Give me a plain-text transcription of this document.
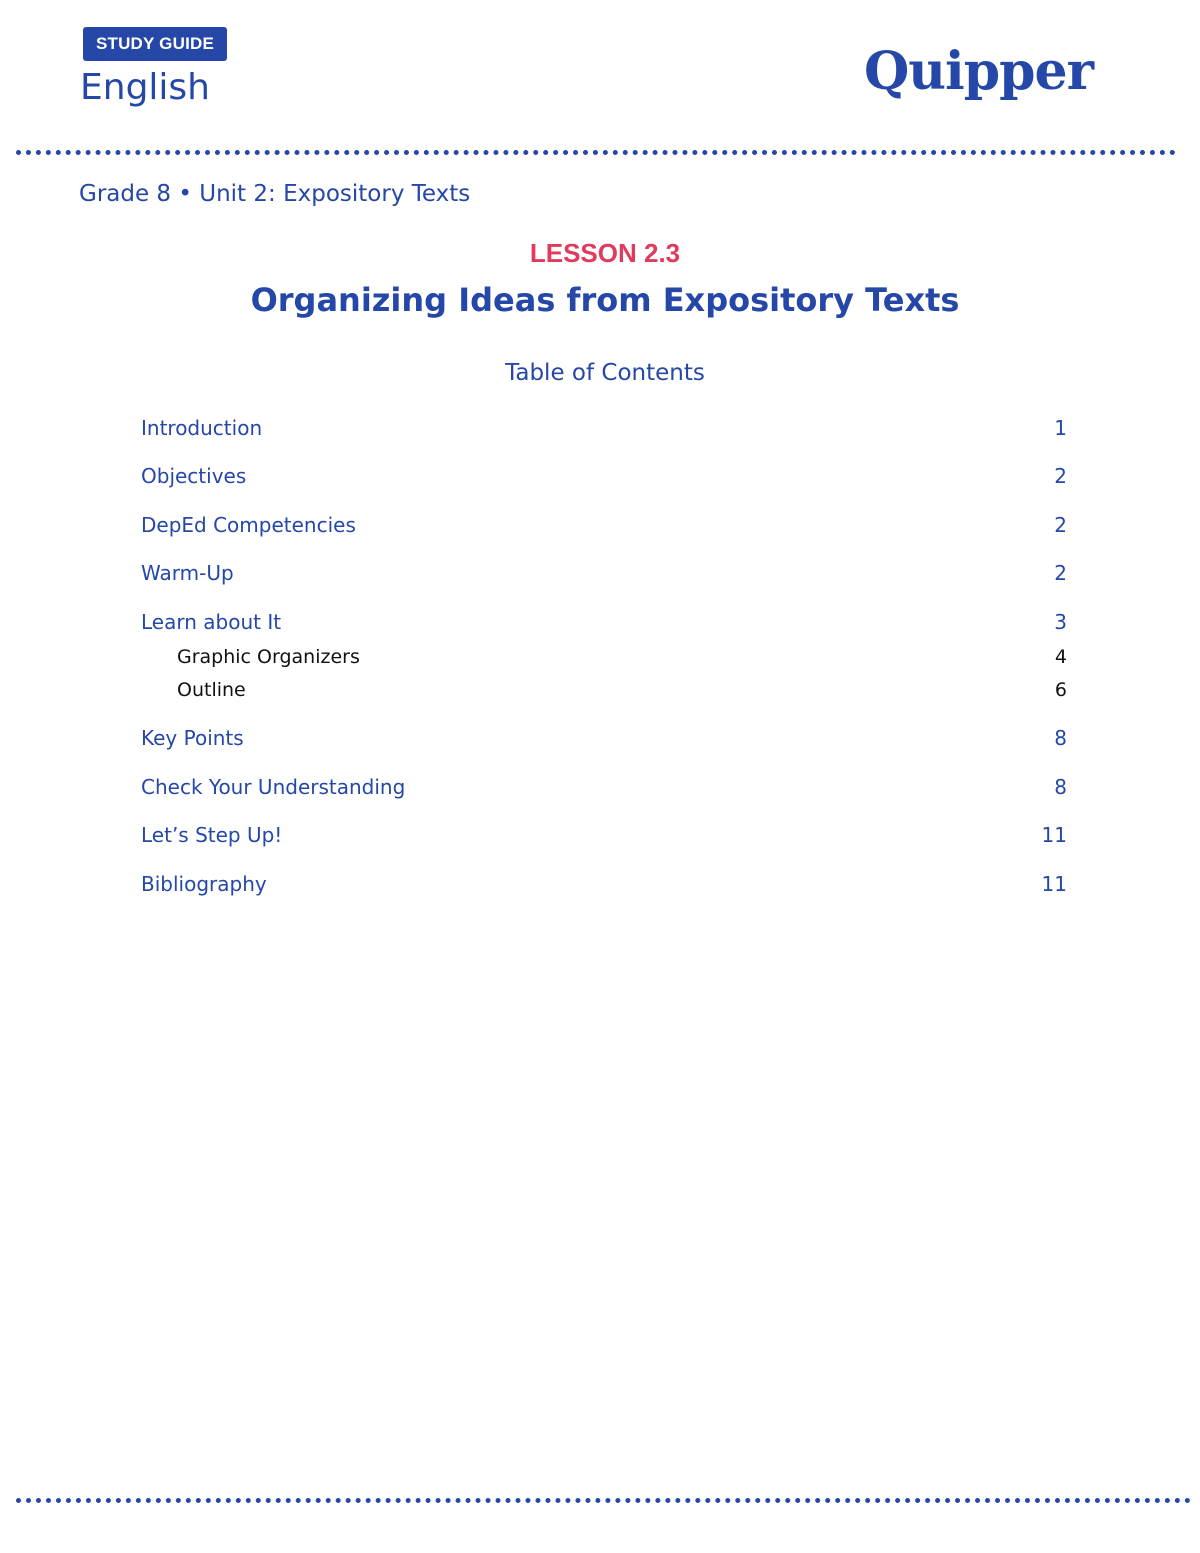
STUDY GUIDE
English	Quipper
Grade 8 • Unit 2: Expository Texts
LESSON 2.3
Organizing Ideas from Expository Texts
Table of Contents
Introduction	1
Objectives	2
DepEd Competencies	2
Warm-Up	2
Learn about It	3
Graphic Organizers	4
Outline	6
Key Points	8
Check Your Understanding	8
Let’s Step Up!	11
Bibliography	11
